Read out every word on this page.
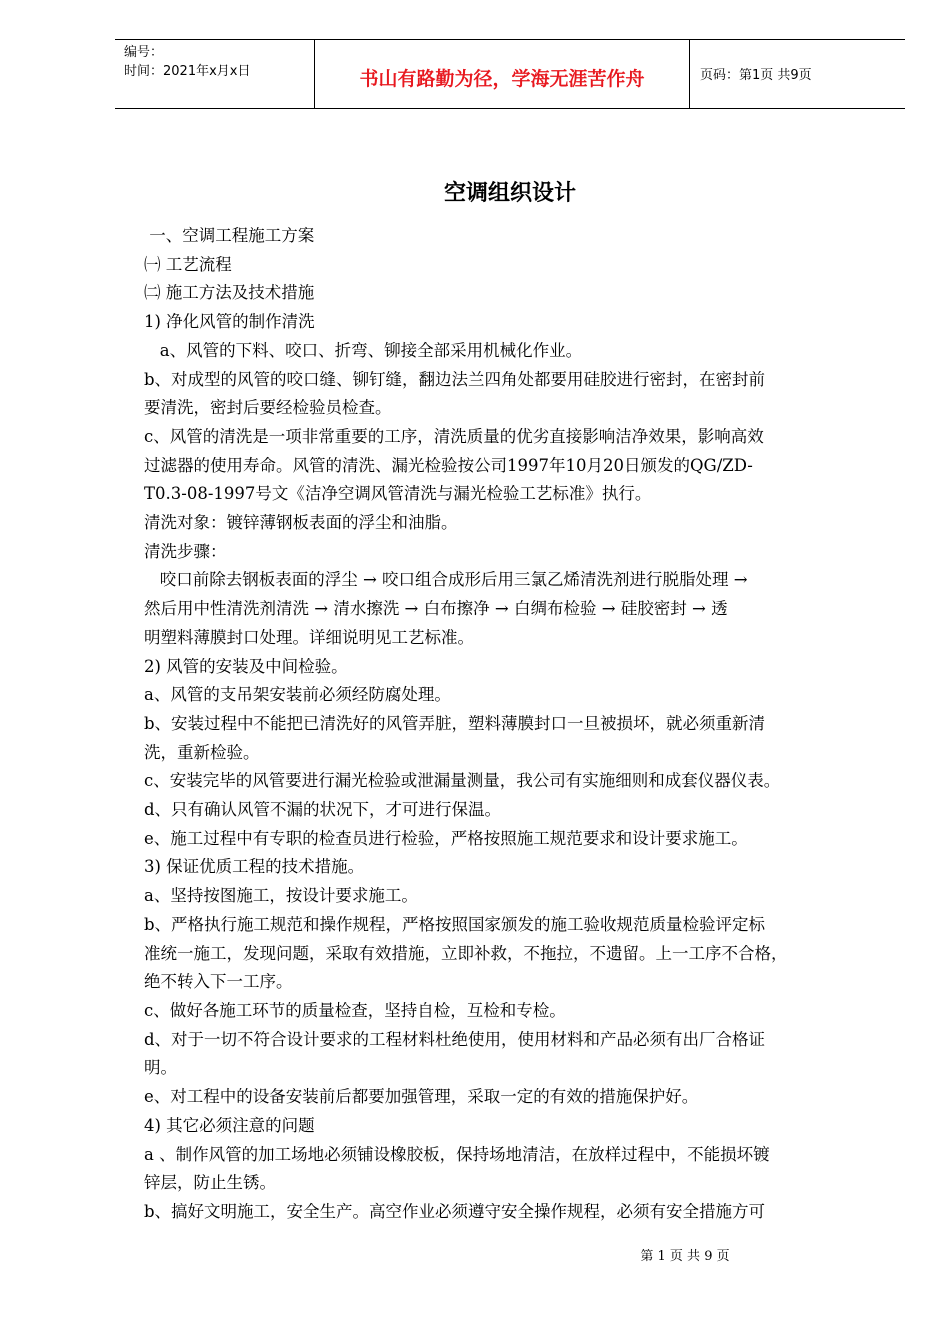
编号：
时间：2021年x月x日	书山有路勤为径，学海无涯苦作舟	页码：第1页 共9页
空调组织设计

一、空调工程施工方案

㈠ 工艺流程

㈡ 施工方法及技术措施

1) 净化风管的制作清洗

a、风管的下料、咬口、折弯、铆接全部采用机械化作业。

b、对成型的风管的咬口缝、铆钉缝，翻边法兰四角处都要用硅胶进行密封，在密封前

要清洗，密封后要经检验员检查。

c、风管的清洗是一项非常重要的工序，清洗质量的优劣直接影响洁净效果，影响高效

过滤器的使用寿命。风管的清洗、漏光检验按公司1997年10月20日颁发的QG/ZD-

T0.3-08-1997号文《洁净空调风管清洗与漏光检验工艺标准》执行。

清洗对象：镀锌薄钢板表面的浮尘和油脂。

清洗步骤：

咬口前除去钢板表面的浮尘 → 咬口组合成形后用三氯乙烯清洗剂进行脱脂处理 →

然后用中性清洗剂清洗 → 清水擦洗 → 白布擦净 → 白绸布检验 → 硅胶密封 → 透

明塑料薄膜封口处理。详细说明见工艺标准。

2) 风管的安装及中间检验。

a、风管的支吊架安装前必须经防腐处理。

b、安装过程中不能把已清洗好的风管弄脏，塑料薄膜封口一旦被损坏，就必须重新清

洗，重新检验。

c、安装完毕的风管要进行漏光检验或泄漏量测量，我公司有实施细则和成套仪器仪表。

d、只有确认风管不漏的状况下，才可进行保温。

e、施工过程中有专职的检查员进行检验，严格按照施工规范要求和设计要求施工。

3) 保证优质工程的技术措施。

a、坚持按图施工，按设计要求施工。

b、严格执行施工规范和操作规程，严格按照国家颁发的施工验收规范质量检验评定标

准统一施工，发现问题，采取有效措施，立即补救，不拖拉，不遗留。上一工序不合格，

绝不转入下一工序。

c、做好各施工环节的质量检查，坚持自检，互检和专检。

d、对于一切不符合设计要求的工程材料杜绝使用，使用材料和产品必须有出厂合格证

明。

e、对工程中的设备安装前后都要加强管理，采取一定的有效的措施保护好。

4) 其它必须注意的问题

a 、制作风管的加工场地必须铺设橡胶板，保持场地清洁，在放样过程中，不能损坏镀

锌层，防止生锈。

b、搞好文明施工，安全生产。高空作业必须遵守安全操作规程，必须有安全措施方可

第 1 页 共 9 页
